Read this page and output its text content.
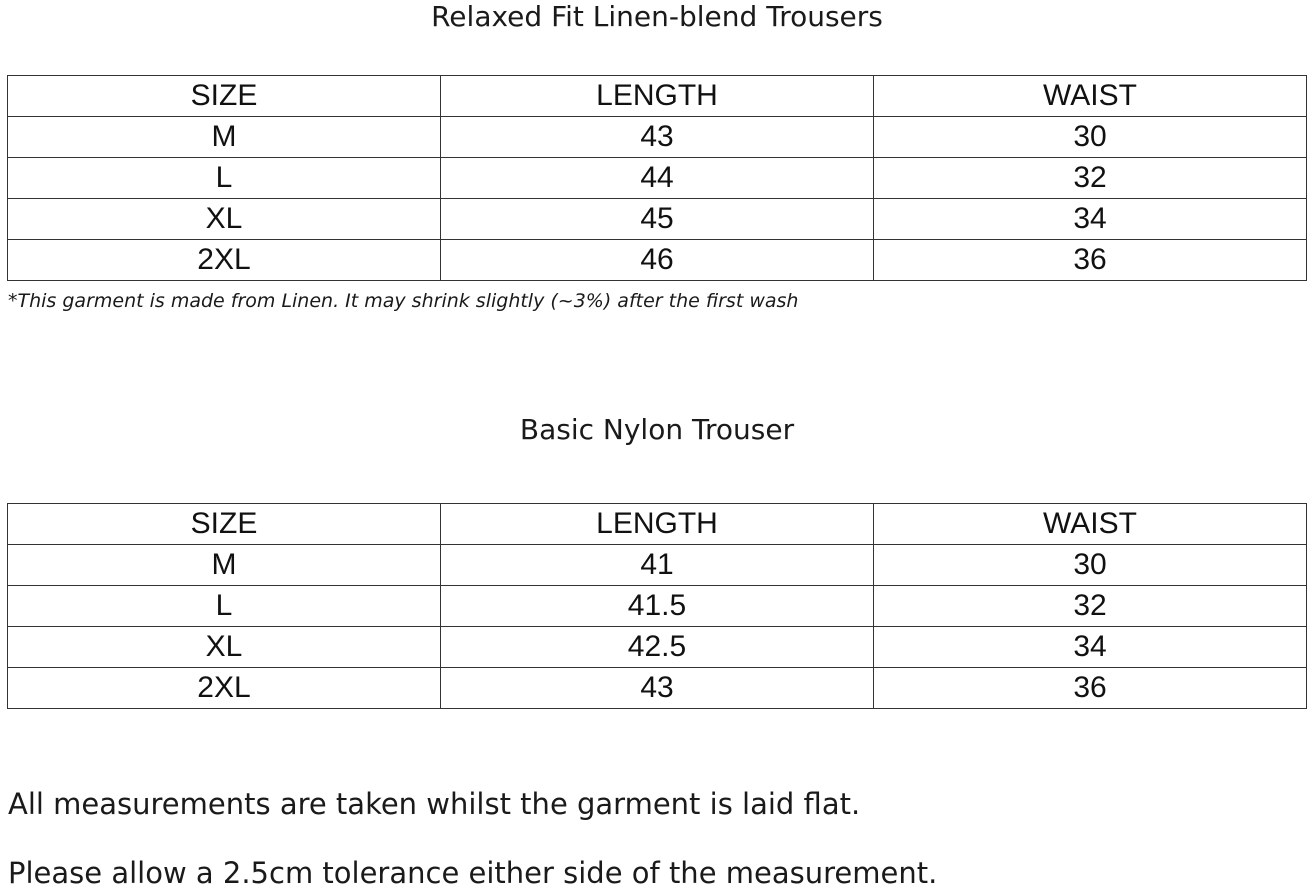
Relaxed Fit Linen-blend Trousers
SIZE	LENGTH	WAIST
M	43	30
L	44	32
XL	45	34
2XL	46	36
*This garment is made from Linen. It may shrink slightly (~3%) after the first wash
Basic Nylon Trouser
SIZE	LENGTH	WAIST
M	41	30
L	41.5	32
XL	42.5	34
2XL	43	36
All measurements are taken whilst the garment is laid flat.
Please allow a 2.5cm tolerance either side of the measurement.
